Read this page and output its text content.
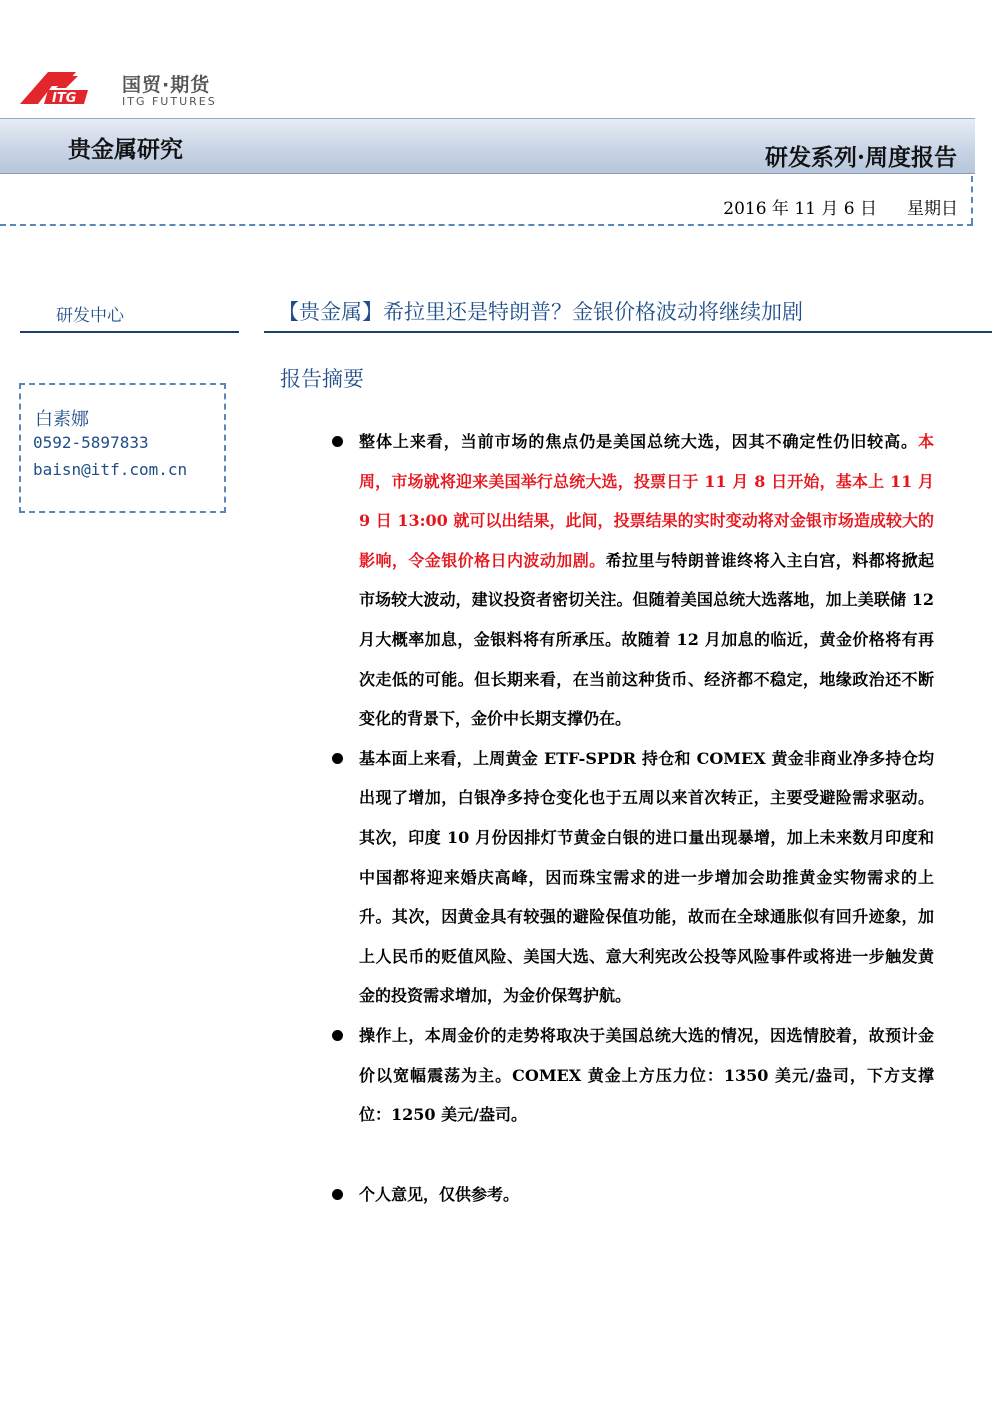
ITG
国贸·期货
ITG FUTURES
贵金属研究	研发系列·周度报告
2016 年 11 月 6 日 星期日
研发中心
白素娜
0592-5897833
baisn@itf.com.cn
【贵金属】希拉里还是特朗普？金银价格波动将继续加剧
报告摘要
整体上来看，当前市场的焦点仍是美国总统大选，因其不确定性仍旧较高。本周，市场就将迎来美国举行总统大选，投票日于 11 月 8 日开始，基本上 11 月 9 日 13:00 就可以出结果，此间，投票结果的实时变动将对金银市场造成较大的影响，令金银价格日内波动加剧。希拉里与特朗普谁终将入主白宫，料都将掀起市场较大波动，建议投资者密切关注。但随着美国总统大选落地，加上美联储 12 月大概率加息，金银料将有所承压。故随着 12 月加息的临近，黄金价格将有再次走低的可能。但长期来看，在当前这种货币、经济都不稳定，地缘政治还不断变化的背景下，金价中长期支撑仍在。
基本面上来看，上周黄金 ETF-SPDR 持仓和 COMEX 黄金非商业净多持仓均出现了增加，白银净多持仓变化也于五周以来首次转正，主要受避险需求驱动。其次，印度 10 月份因排灯节黄金白银的进口量出现暴增，加上未来数月印度和中国都将迎来婚庆高峰，因而珠宝需求的进一步增加会助推黄金实物需求的上升。其次，因黄金具有较强的避险保值功能，故而在全球通胀似有回升迹象，加上人民币的贬值风险、美国大选、意大利宪改公投等风险事件或将进一步触发黄金的投资需求增加，为金价保驾护航。
操作上，本周金价的走势将取决于美国总统大选的情况，因选情胶着，故预计金价以宽幅震荡为主。COMEX 黄金上方压力位：1350 美元/盎司，下方支撑位：1250 美元/盎司。
个人意见，仅供参考。
